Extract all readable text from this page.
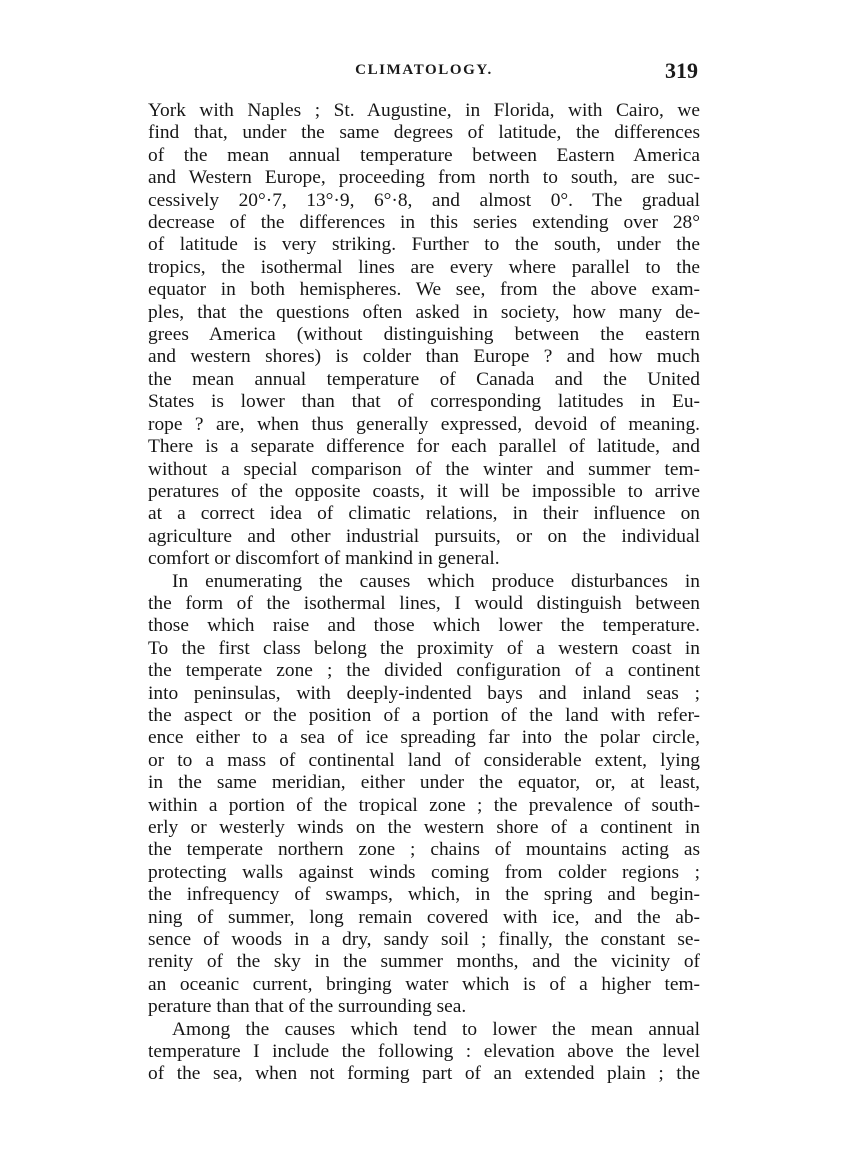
CLIMATOLOGY.	319
York with Naples ; St. Augustine, in Florida, with Cairo, we
find that, under the same degrees of latitude, the differences
of the mean annual temperature between Eastern America
and Western Europe, proceeding from north to south, are suc-
cessively 20°·7, 13°·9, 6°·8, and almost 0°. The gradual
decrease of the differences in this series extending over 28°
of latitude is very striking. Further to the south, under the
tropics, the isothermal lines are every where parallel to the
equator in both hemispheres. We see, from the above exam-
ples, that the questions often asked in society, how many de-
grees America (without distinguishing between the eastern
and western shores) is colder than Europe ? and how much
the mean annual temperature of Canada and the United
States is lower than that of corresponding latitudes in Eu-
rope ? are, when thus generally expressed, devoid of meaning.
There is a separate difference for each parallel of latitude, and
without a special comparison of the winter and summer tem-
peratures of the opposite coasts, it will be impossible to arrive
at a correct idea of climatic relations, in their influence on
agriculture and other industrial pursuits, or on the individual
comfort or discomfort of mankind in general.
In enumerating the causes which produce disturbances in
the form of the isothermal lines, I would distinguish between
those which raise and those which lower the temperature.
To the first class belong the proximity of a western coast in
the temperate zone ; the divided configuration of a continent
into peninsulas, with deeply-indented bays and inland seas ;
the aspect or the position of a portion of the land with refer-
ence either to a sea of ice spreading far into the polar circle,
or to a mass of continental land of considerable extent, lying
in the same meridian, either under the equator, or, at least,
within a portion of the tropical zone ; the prevalence of south-
erly or westerly winds on the western shore of a continent in
the temperate northern zone ; chains of mountains acting as
protecting walls against winds coming from colder regions ;
the infrequency of swamps, which, in the spring and begin-
ning of summer, long remain covered with ice, and the ab-
sence of woods in a dry, sandy soil ; finally, the constant se-
renity of the sky in the summer months, and the vicinity of
an oceanic current, bringing water which is of a higher tem-
perature than that of the surrounding sea.
Among the causes which tend to lower the mean annual
temperature I include the following : elevation above the level
of the sea, when not forming part of an extended plain ; the
